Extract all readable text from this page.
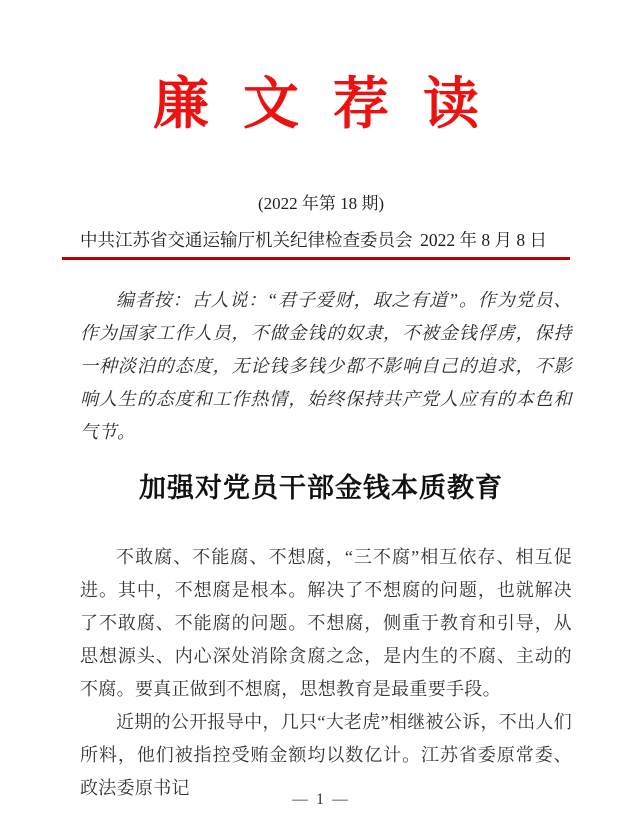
廉 文 荐 读
(2022 年第 18 期)
中共江苏省交通运输厅机关纪律检查委员会 2022 年 8 月 8 日
编者按：古人说：“君子爱财，取之有道”。作为党员、作为国家工作人员，不做金钱的奴隶，不被金钱俘虏，保持一种淡泊的态度，无论钱多钱少都不影响自己的追求，不影响人生的态度和工作热情，始终保持共产党人应有的本色和气节。
加强对党员干部金钱本质教育

不敢腐、不能腐、不想腐，“三不腐”相互依存、相互促进。其中，不想腐是根本。解决了不想腐的问题，也就解决了不敢腐、不能腐的问题。不想腐，侧重于教育和引导，从思想源头、内心深处消除贪腐之念，是内生的不腐、主动的不腐。要真正做到不想腐，思想教育是最重要手段。

近期的公开报导中，几只“大老虎”相继被公诉，不出人们所料，他们被指控受贿金额均以数亿计。江苏省委原常委、政法委原书记

— 1 —
